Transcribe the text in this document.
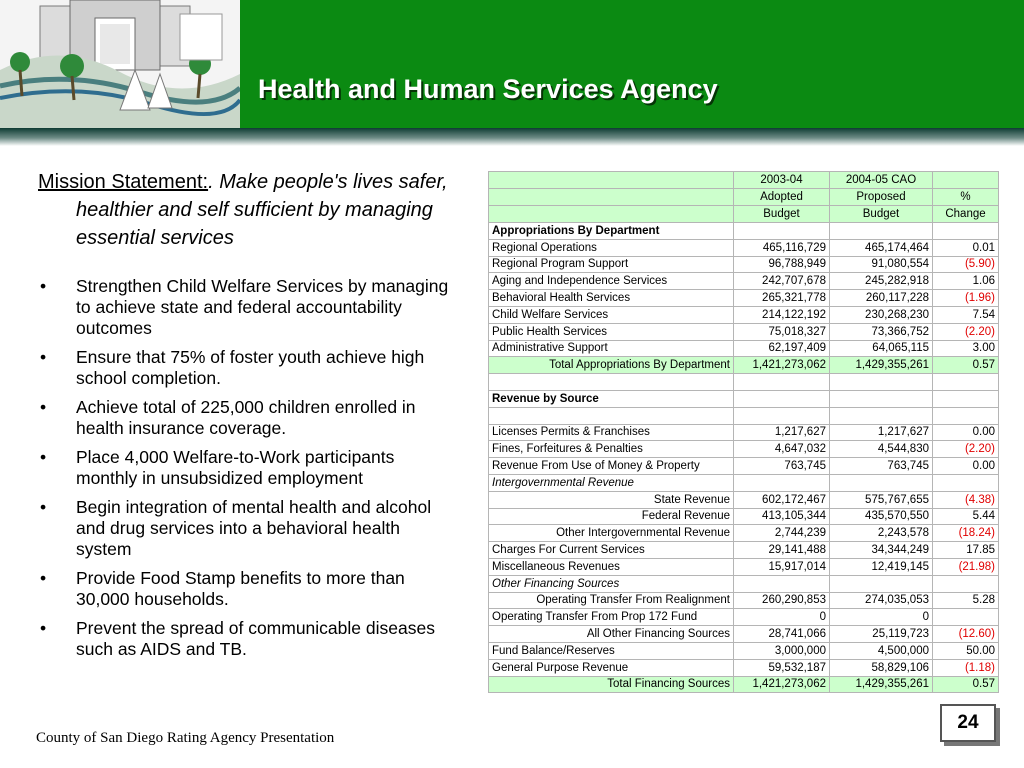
Health and Human Services Agency
Mission Statement:. Make people's lives safer, healthier and self sufficient by managing essential services
• Strengthen Child Welfare Services by managing to achieve state and federal accountability outcomes
• Ensure that 75% of foster youth achieve high school completion.
• Achieve total of 225,000 children enrolled in health insurance coverage.
• Place 4,000 Welfare-to-Work participants monthly in unsubsidized employment
• Begin integration of mental health and alcohol and drug services into a behavioral health system
• Provide Food Stamp benefits to more than 30,000 households.
• Prevent the spread of communicable diseases such as AIDS and TB.
	2003-04	2004-05 CAO	
	Adopted	Proposed	%
	Budget	Budget	Change
Appropriations By Department			
Regional Operations	465,116,729	465,174,464	0.01
Regional Program Support	96,788,949	91,080,554	(5.90)
Aging and Independence Services	242,707,678	245,282,918	1.06
Behavioral Health Services	265,321,778	260,117,228	(1.96)
Child Welfare Services	214,122,192	230,268,230	7.54
Public Health Services	75,018,327	73,366,752	(2.20)
Administrative Support	62,197,409	64,065,115	3.00
Total Appropriations By Department	1,421,273,062	1,429,355,261	0.57

Revenue by Source			

Licenses Permits & Franchises	1,217,627	1,217,627	0.00
Fines, Forfeitures & Penalties	4,647,032	4,544,830	(2.20)
Revenue From Use of Money & Property	763,745	763,745	0.00
Intergovernmental Revenue			
State Revenue	602,172,467	575,767,655	(4.38)
Federal Revenue	413,105,344	435,570,550	5.44
Other Intergovernmental Revenue	2,744,239	2,243,578	(18.24)
Charges For Current Services	29,141,488	34,344,249	17.85
Miscellaneous Revenues	15,917,014	12,419,145	(21.98)
Other Financing Sources			
Operating Transfer From Realignment	260,290,853	274,035,053	5.28
Operating Transfer From Prop 172 Fund	0	0	
All Other Financing Sources	28,741,066	25,119,723	(12.60)
Fund Balance/Reserves	3,000,000	4,500,000	50.00
General Purpose Revenue	59,532,187	58,829,106	(1.18)
Total Financing Sources	1,421,273,062	1,429,355,261	0.57
24
County of San Diego Rating Agency Presentation
